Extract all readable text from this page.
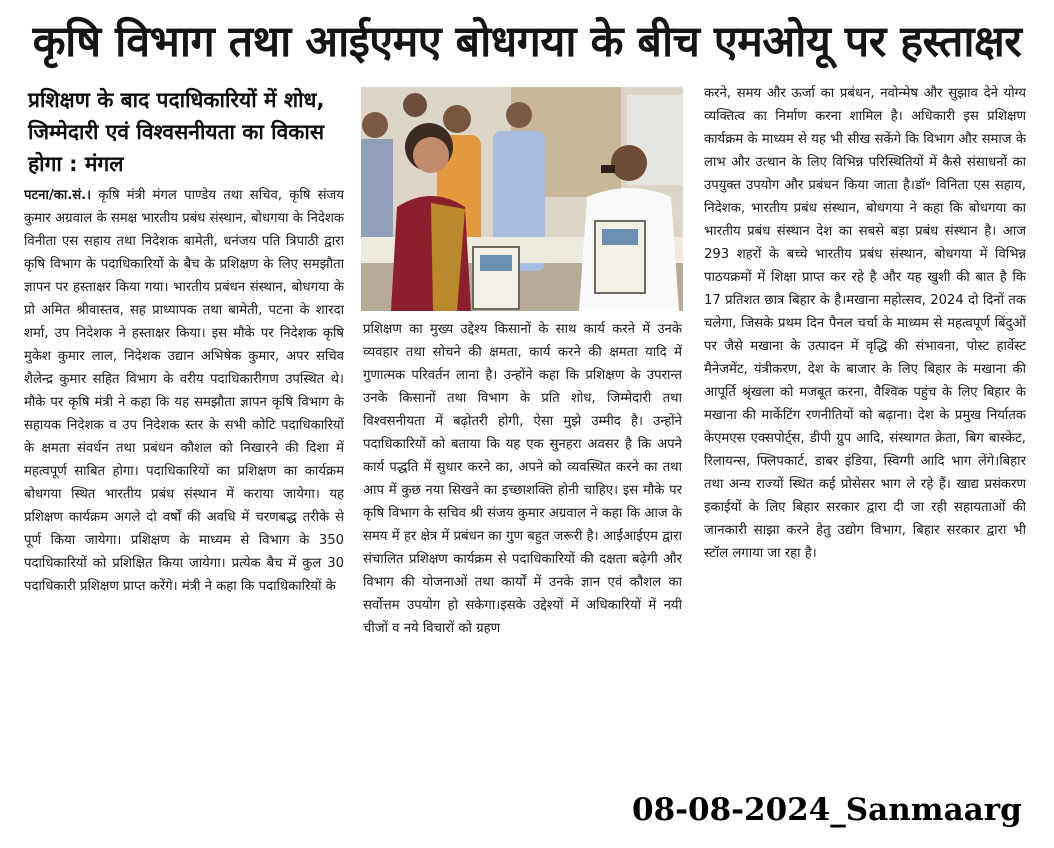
कृषि विभाग तथा आईएमए बोधगया के बीच एमओयू पर हस्ताक्षर
प्रशिक्षण के बाद पदाधिकारियों में शोध, जिम्मेदारी एवं विश्वसनीयता का विकास होगा : मंगल
पटना/का.सं.। कृषि मंत्री मंगल पाण्डेय तथा सचिव, कृषि संजय कुमार अग्रवाल के समक्ष भारतीय प्रबंध संस्थान, बोधगया के निदेशक विनीता एस सहाय तथा निदेशक बामेती, धनंजय पति त्रिपाठी द्वारा कृषि विभाग के पदाधिकारियों के बैच के प्रशिक्षण के लिए समझौता ज्ञापन पर हस्ताक्षर किया गया। भारतीय प्रबंधन संस्थान, बोधगया के प्रो अमित श्रीवास्तव, सह प्राध्यापक तथा बामेती, पटना के शारदा शर्मा, उप निदेशक ने हस्ताक्षर किया। इस मौके पर निदेशक कृषि मुकेश कुमार लाल, निदेशक उद्यान अभिषेक कुमार, अपर सचिव शैलेन्द्र कुमार सहित विभाग के वरीय पदाधिकारीगण उपस्थित थे। मौके पर कृषि मंत्री ने कहा कि यह समझौता ज्ञापन कृषि विभाग के सहायक निदेशक व उप निदेशक स्तर के सभी कोटि पदाधिकारियों के क्षमता संवर्धन तथा प्रबंधन कौशल को निखारने की दिशा में महत्वपूर्ण साबित होगा। पदाधिकारियों का प्रशिक्षण का कार्यक्रम बोधगया स्थित भारतीय प्रबंध संस्थान में कराया जायेगा। यह प्रशिक्षण कार्यक्रम अगले दो वर्षों की अवधि में चरणबद्ध तरीके से पूर्ण किया जायेगा। प्रशिक्षण के माध्यम से विभाग के 350 पदाधिकारियों को प्रशिक्षित किया जायेगा। प्रत्येक बैच में कुल 30 पदाधिकारी प्रशिक्षण प्राप्त करेंगे। मंत्री ने कहा कि पदाधिकारियों के
प्रशिक्षण का मुख्य उद्देश्य किसानों के साथ कार्य करने में उनके व्यवहार तथा सोचने की क्षमता, कार्य करने की क्षमता यादि में गुणात्मक परिवर्तन लाना है। उन्होंने कहा कि प्रशिक्षण के उपरान्त उनके किसानों तथा विभाग के प्रति शोध, जिम्मेदारी तथा विश्वसनीयता में बढ़ोतरी होगी, ऐसा मुझे उम्मीद है। उन्होंने पदाधिकारियों को बताया कि यह एक सुनहरा अवसर है कि अपने कार्य पद्धति में सुधार करने का, अपने को व्यवस्थित करने का तथा आप में कुछ नया सिखने का इच्छाशक्ति होनी चाहिए। इस मौके पर कृषि विभाग के सचिव श्री संजय कुमार अग्रवाल ने कहा कि आज के समय में हर क्षेत्र में प्रबंधन का गुण बहुत जरूरी है। आईआईएम द्वारा संचालित प्रशिक्षण कार्यक्रम से पदाधिकारियों की दक्षता बढ़ेगी और विभाग की योजनाओं तथा कार्यों में उनके ज्ञान एवं कौशल का सर्वोत्तम उपयोग हो सकेगा।इसके उद्देश्यों में अधिकारियों में नयी चीजों व नये विचारों को ग्रहण
करने, समय और ऊर्जा का प्रबंधन, नवोन्मेष और सुझाव देने योग्य व्यक्तित्व का निर्माण करना शामिल है। अधिकारी इस प्रशिक्षण कार्यक्रम के माध्यम से यह भी सीख सकेंगे कि विभाग और समाज के लाभ और उत्थान के लिए विभिन्न परिस्थितियों में कैसे संसाधनों का उपयुक्त उपयोग और प्रबंधन किया जाता है।डॉ॰ विनिता एस सहाय, निदेशक, भारतीय प्रबंध संस्थान, बोधगया ने कहा कि बोधगया का भारतीय प्रबंध संस्थान देश का सबसे बड़ा प्रबंध संस्थान है। आज 293 शहरों के बच्चे भारतीय प्रबंध संस्थान, बोधगया में विभिन्न पाठयक्रमों में शिक्षा प्राप्त कर रहे है और यह खुशी की बात है कि 17 प्रतिशत छात्र बिहार के है।मखाना महोत्सव, 2024 दो दिनों तक चलेगा, जिसके प्रथम दिन पैनल चर्चा के माध्यम से महत्वपूर्ण बिंदुओं पर जैसे मखाना के उत्पादन में वृद्धि की संभावना, पोस्ट हार्वेस्ट मैनेजमेंट, यंत्रीकरण, देश के बाजार के लिए बिहार के मखाना की आपूर्ति श्रृंखला को मजबूत करना, वैश्विक पहुंच के लिए बिहार के मखाना की मार्केटिंग रणनीतियों को बढ़ाना। देश के प्रमुख निर्यातक केएमएस एक्सपोर्ट्स, डीपी ग्रुप आदि, संस्थागत क्रेता, बिग बास्केट, रिलायन्स, फ्लिपकार्ट, डाबर इंडिया, स्विग्गी आदि भाग लेंगे।बिहार तथा अन्य राज्यों स्थित कई प्रोसेसर भाग ले रहे हैं। खाद्य प्रसंकरण इकाईयों के लिए बिहार सरकार द्वारा दी जा रही सहायताओं की जानकारी साझा करने हेतु उद्योग विभाग, बिहार सरकार द्वारा भी स्टॉल लगाया जा रहा है।
08-08-2024_Sanmaarg
